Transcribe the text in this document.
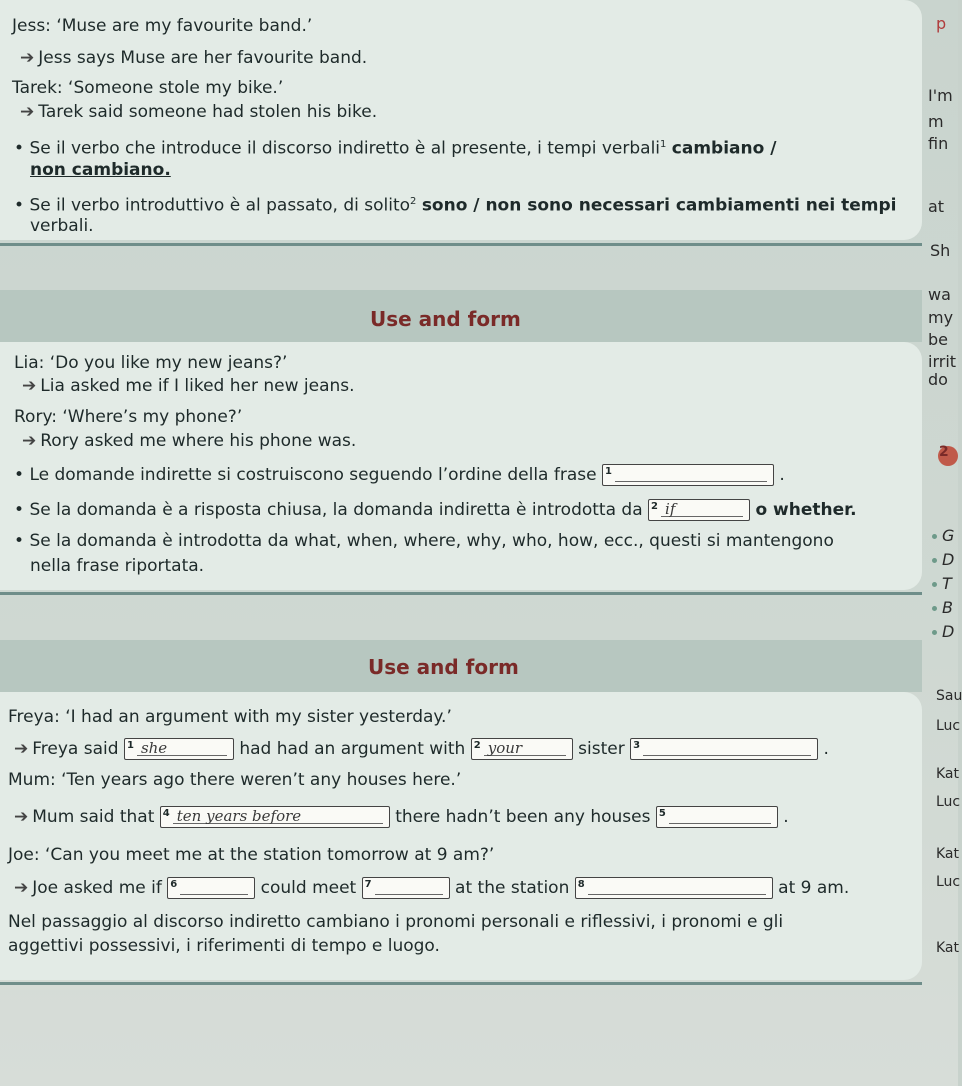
Jess: ‘Muse are my favourite band.’
➔ Jess says Muse are her favourite band.
Tarek: ‘Someone stole my bike.’
➔ Tarek said someone had stolen his bike.
• Se il verbo che introduce il discorso indiretto è al presente, i tempi verbali$^1$ cambiano /
non cambiano.
• Se il verbo introduttivo è al passato, di solito$^2$ sono / non sono necessari cambiamenti nei tempi
verbali.
Use and form
Lia: ‘Do you like my new jeans?’
➔ Lia asked me if I liked her new jeans.
Rory: ‘Where’s my phone?’
➔ Rory asked me where his phone was.
• Le domande indirette si costruiscono seguendo l’ordine della frase 1	.
• Se la domanda è a risposta chiusa, la domanda indiretta è introdotta da 2 if	o whether.
• Se la domanda è introdotta da what, when, where, why, who, how, ecc., questi si mantengono
nella frase riportata.
Use and form
Freya: ‘I had an argument with my sister yesterday.’
➔ Freya said 1 she	had had an argument with 2 your	sister 3	.
Mum: ‘Ten years ago there weren’t any houses here.’
➔ Mum said that 4 ten years before	there hadn’t been any houses 5	.
Joe: ‘Can you meet me at the station tomorrow at 9 am?’
➔ Joe asked me if 6	could meet 7	at the station 8	at 9 am.
Nel passaggio al discorso indiretto cambiano i pronomi personali e riflessivi, i pronomi e gli
aggettivi possessivi, i riferimenti di tempo e luogo.
p
I'm
m
fin
at
Sh
wa
my
be
irrit
do
2
G
D
T
B
D
Sau
Luc
Kat
Luc
Kat
Luc
Kat
